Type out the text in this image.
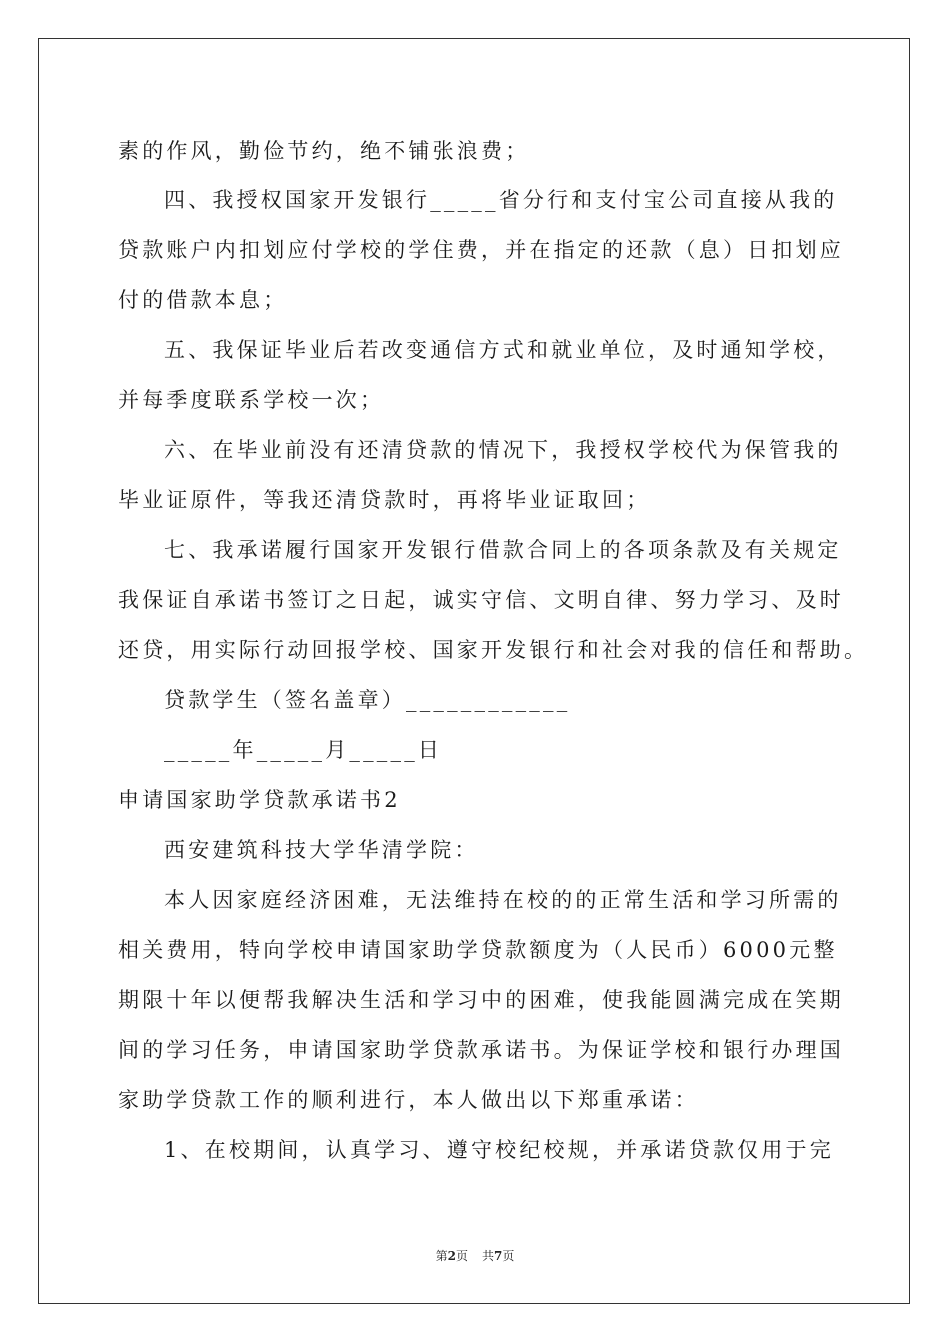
素的作风，勤俭节约，绝不铺张浪费；
四、我授权国家开发银行_____省分行和支付宝公司直接从我的
贷款账户内扣划应付学校的学住费，并在指定的还款（息）日扣划应
付的借款本息；
五、我保证毕业后若改变通信方式和就业单位，及时通知学校，
并每季度联系学校一次；
六、在毕业前没有还清贷款的情况下，我授权学校代为保管我的
毕业证原件，等我还清贷款时，再将毕业证取回；
七、我承诺履行国家开发银行借款合同上的各项条款及有关规定
我保证自承诺书签订之日起，诚实守信、文明自律、努力学习、及时
还贷，用实际行动回报学校、国家开发银行和社会对我的信任和帮助。
贷款学生（签名盖章）____________
_____年_____月_____日
申请国家助学贷款承诺书2
西安建筑科技大学华清学院：
本人因家庭经济困难，无法维持在校的的正常生活和学习所需的
相关费用，特向学校申请国家助学贷款额度为（人民币）6000元整
期限十年以便帮我解决生活和学习中的困难，使我能圆满完成在笑期
间的学习任务，申请国家助学贷款承诺书。为保证学校和银行办理国
家助学贷款工作的顺利进行，本人做出以下郑重承诺：
1、在校期间，认真学习、遵守校纪校规，并承诺贷款仅用于完
第2页 共7页
